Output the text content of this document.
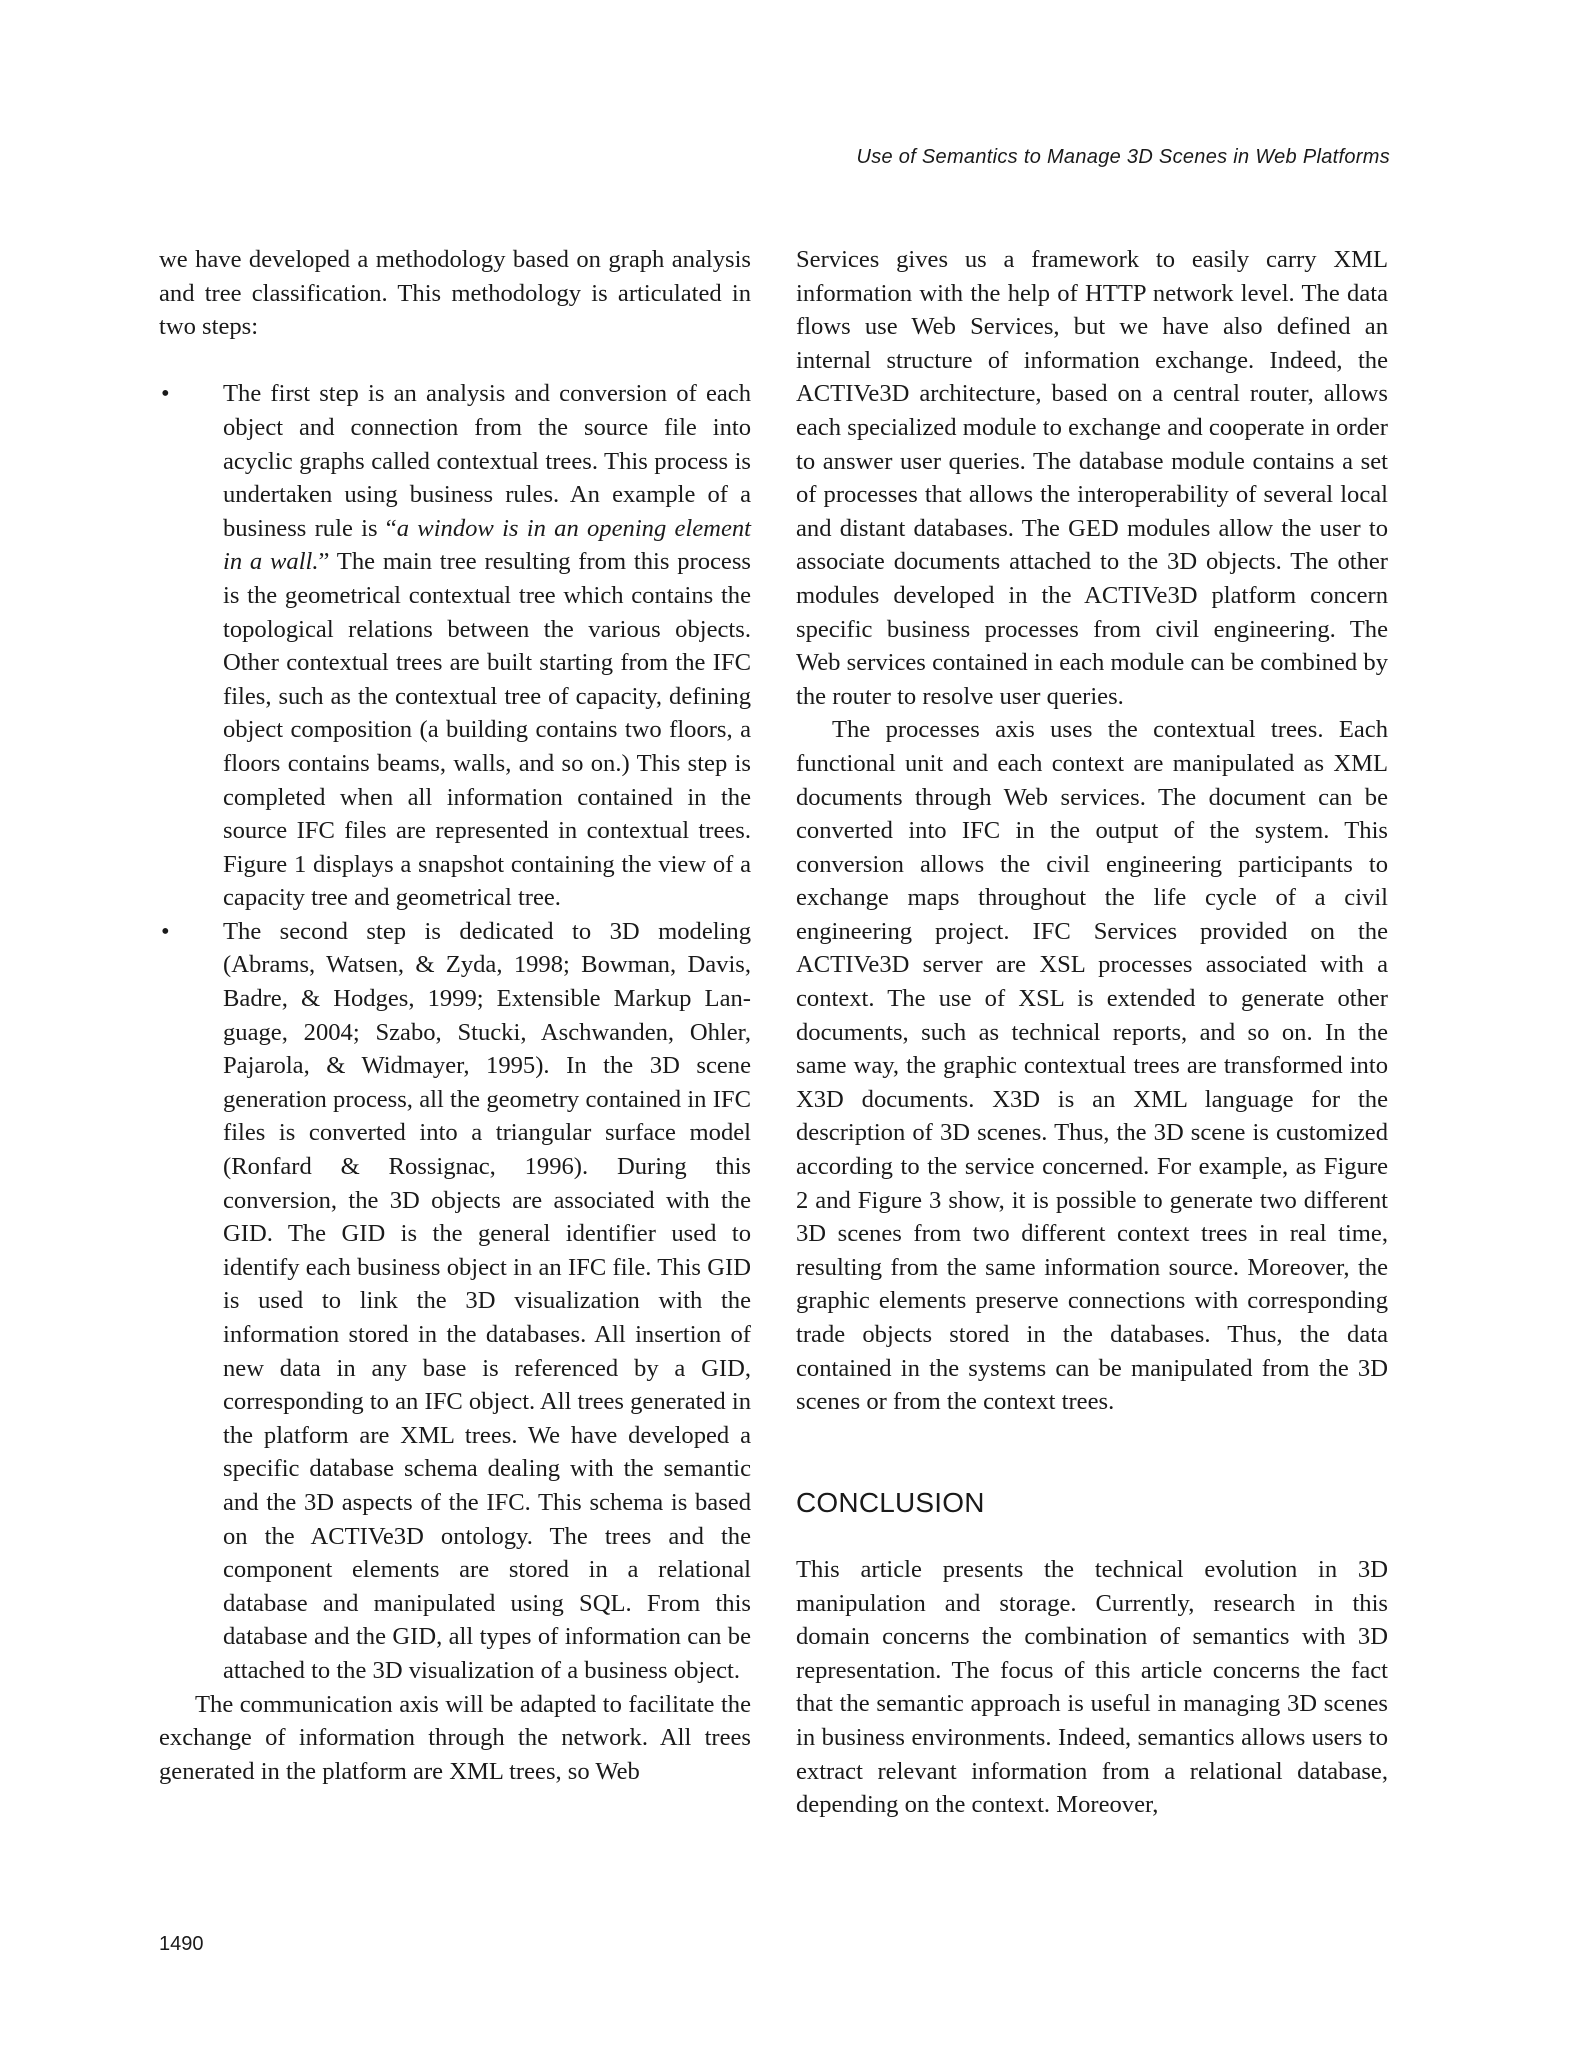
Use of Semantics to Manage 3D Scenes in Web Platforms

we have developed a methodology based on graph analysis and tree classification. This methodology is articulated in two steps:

• The first step is an analysis and conversion of each object and connection from the source file into acyclic graphs called contextual trees. This process is undertaken using business rules. An example of a business rule is “a window is in an opening element in a wall.” The main tree resulting from this process is the geometrical contextual tree which contains the topological relations between the various objects. Other contextual trees are built starting from the IFC files, such as the contextual tree of capacity, defining object composition (a building contains two floors, a floors contains beams, walls, and so on.) This step is completed when all information contained in the source IFC files are represented in contextual trees. Figure 1 displays a snapshot containing the view of a capacity tree and geometrical tree.
• The second step is dedicated to 3D modeling (Abrams, Watsen, & Zyda, 1998; Bowman, Davis, Badre, & Hodges, 1999; Extensible Markup Language, 2004; Szabo, Stucki, Aschwanden, Ohler, Pajarola, & Widmayer, 1995). In the 3D scene generation process, all the geometry contained in IFC files is converted into a triangular surface model (Ronfard & Rossignac, 1996). During this conversion, the 3D objects are associated with the GID. The GID is the general identifier used to identify each business object in an IFC file. This GID is used to link the 3D visualization with the information stored in the databases. All insertion of new data in any base is referenced by a GID, corresponding to an IFC object. All trees generated in the platform are XML trees. We have developed a specific database schema dealing with the semantic and the 3D aspects of the IFC. This schema is based on the ACTIVe3D ontology. The trees and the component elements are stored in a relational database and manipulated using SQL. From this database and the GID, all types of information can be attached to the 3D visualization of a business object.

The communication axis will be adapted to facilitate the exchange of information through the network. All trees generated in the platform are XML trees, so Web

Services gives us a framework to easily carry XML information with the help of HTTP network level. The data flows use Web Services, but we have also defined an internal structure of information exchange. Indeed, the ACTIVe3D architecture, based on a central router, allows each specialized module to exchange and cooperate in order to answer user queries. The database module contains a set of processes that allows the interoperability of several local and distant databases. The GED modules allow the user to associate documents attached to the 3D objects. The other modules developed in the ACTIVe3D platform concern specific business processes from civil engineering. The Web services contained in each module can be combined by the router to resolve user queries.

The processes axis uses the contextual trees. Each functional unit and each context are manipulated as XML documents through Web services. The document can be converted into IFC in the output of the system. This conversion allows the civil engineering participants to exchange maps throughout the life cycle of a civil engineering project. IFC Services provided on the ACTIVe3D server are XSL processes associated with a context. The use of XSL is extended to generate other documents, such as technical reports, and so on. In the same way, the graphic contextual trees are transformed into X3D documents. X3D is an XML language for the description of 3D scenes. Thus, the 3D scene is customized according to the service concerned. For example, as Figure 2 and Figure 3 show, it is possible to generate two different 3D scenes from two different context trees in real time, resulting from the same information source. Moreover, the graphic elements preserve connections with corresponding trade objects stored in the databases. Thus, the data contained in the systems can be manipulated from the 3D scenes or from the context trees.

CONCLUSION

This article presents the technical evolution in 3D manipulation and storage. Currently, research in this domain concerns the combination of semantics with 3D representation. The focus of this article concerns the fact that the semantic approach is useful in managing 3D scenes in business environments. Indeed, semantics allows users to extract relevant information from a relational database, depending on the context. Moreover,

1490
